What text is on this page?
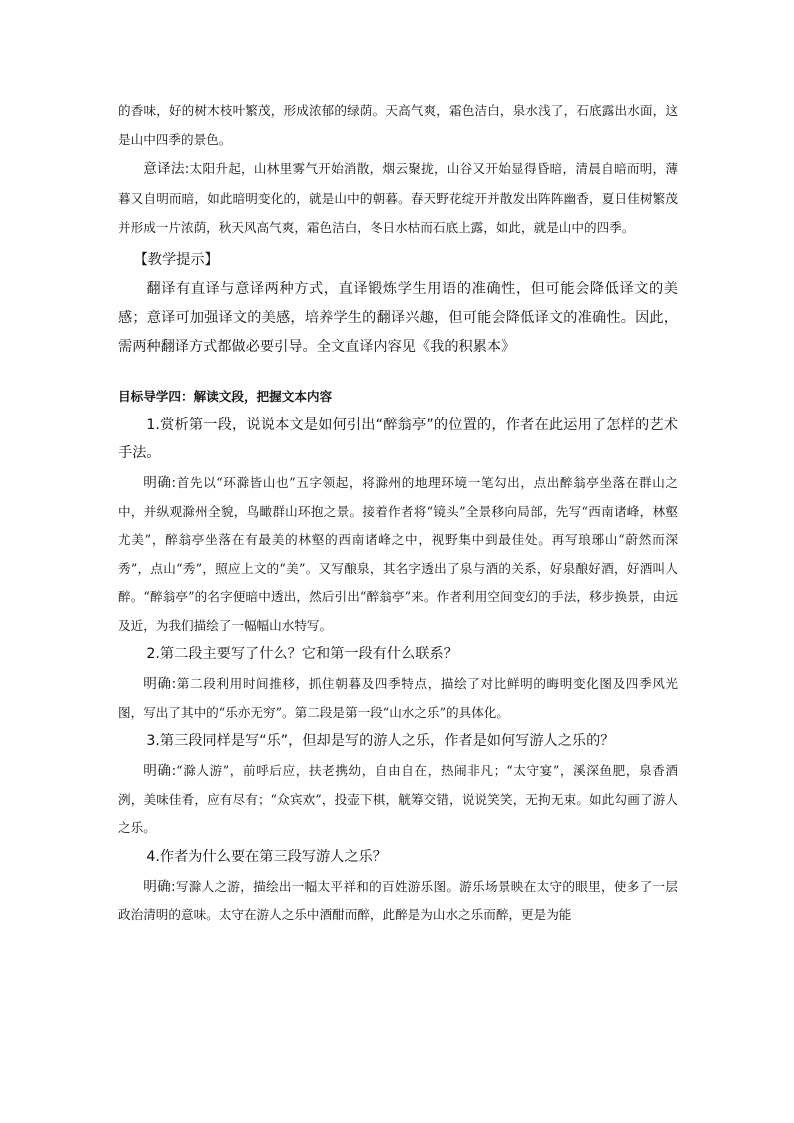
的香味，好的树木枝叶繁茂，形成浓郁的绿荫。天高气爽，霜色洁白，泉水浅了，石底露出水面，这是山中四季的景色。

意译法:太阳升起，山林里雾气开始消散，烟云聚拢，山谷又开始显得昏暗，清晨自暗而明，薄暮又自明而暗，如此暗明变化的，就是山中的朝暮。春天野花绽开并散发出阵阵幽香，夏日佳树繁茂并形成一片浓荫，秋天风高气爽，霜色洁白，冬日水枯而石底上露，如此，就是山中的四季。

【教学提示】

翻译有直译与意译两种方式，直译锻炼学生用语的准确性，但可能会降低译文的美感；意译可加强译文的美感，培养学生的翻译兴趣，但可能会降低译文的准确性。因此，需两种翻译方式都做必要引导。全文直译内容见《我的积累本》

目标导学四：解读文段，把握文本内容

1.赏析第一段，说说本文是如何引出“醉翁亭”的位置的，作者在此运用了怎样的艺术手法。

明确:首先以“环滁皆山也”五字领起，将滁州的地理环境一笔勾出，点出醉翁亭坐落在群山之中，并纵观滁州全貌，鸟瞰群山环抱之景。接着作者将“镜头”全景移向局部，先写“西南诸峰，林壑尤美”，醉翁亭坐落在有最美的林壑的西南诸峰之中，视野集中到最佳处。再写琅琊山“蔚然而深秀”，点山“秀”，照应上文的“美”。又写酿泉，其名字透出了泉与酒的关系，好泉酿好酒，好酒叫人醉。“醉翁亭”的名字便暗中透出，然后引出“醉翁亭”来。作者利用空间变幻的手法，移步换景，由远及近，为我们描绘了一幅幅山水特写。

2.第二段主要写了什么？它和第一段有什么联系？

明确:第二段利用时间推移，抓住朝暮及四季特点，描绘了对比鲜明的晦明变化图及四季风光图，写出了其中的“乐亦无穷”。第二段是第一段“山水之乐”的具体化。

3.第三段同样是写“乐”，但却是写的游人之乐，作者是如何写游人之乐的？

明确:“滁人游”，前呼后应，扶老携幼，自由自在，热闹非凡；“太守宴”，溪深鱼肥，泉香酒洌，美味佳肴，应有尽有；“众宾欢”，投壶下棋，觥筹交错，说说笑笑，无拘无束。如此勾画了游人之乐。

4.作者为什么要在第三段写游人之乐？

明确:写滁人之游，描绘出一幅太平祥和的百姓游乐图。游乐场景映在太守的眼里，使多了一层政治清明的意味。太守在游人之乐中酒酣而醉，此醉是为山水之乐而醉，更是为能
